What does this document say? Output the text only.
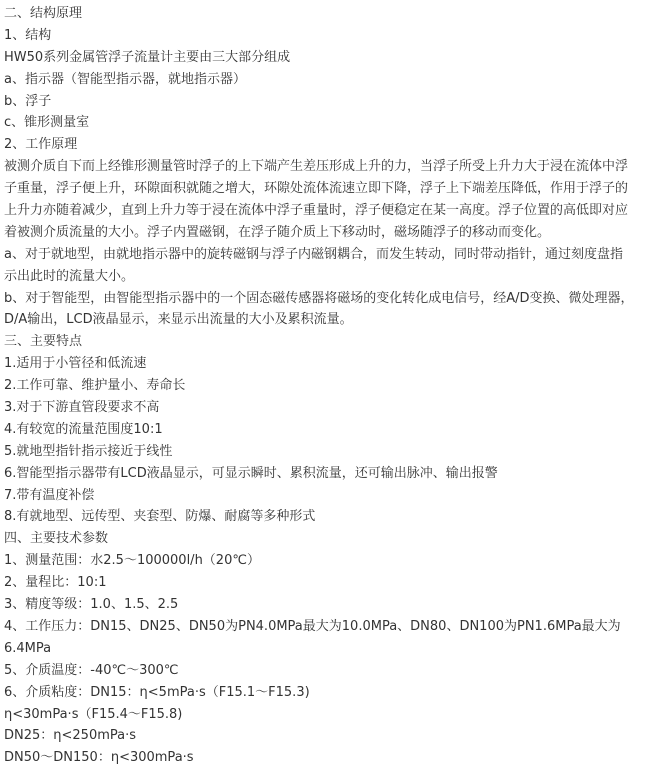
二、结构原理
1、结构
HW50系列金属管浮子流量计主要由三大部分组成
a、指示器（智能型指示器，就地指示器）
b、浮子
c、锥形测量室
2、工作原理
被测介质自下而上经锥形测量管时浮子的上下端产生差压形成上升的力，当浮子所受上升力大于浸在流体中浮
子重量，浮子便上升，环隙面积就随之增大，环隙处流体流速立即下降，浮子上下端差压降低，作用于浮子的
上升力亦随着减少，直到上升力等于浸在流体中浮子重量时，浮子便稳定在某一高度。浮子位置的高低即对应
着被测介质流量的大小。浮子内置磁钢，在浮子随介质上下移动时，磁场随浮子的移动而变化。
a、对于就地型，由就地指示器中的旋转磁钢与浮子内磁钢耦合，而发生转动，同时带动指针，通过刻度盘指
示出此时的流量大小。
b、对于智能型，由智能型指示器中的一个固态磁传感器将磁场的变化转化成电信号，经A/D变换、微处理器，
D/A输出，LCD液晶显示，来显示出流量的大小及累积流量。
三、主要特点
1.适用于小管径和低流速
2.工作可靠、维护量小、寿命长
3.对于下游直管段要求不高
4.有较宽的流量范围度10:1
5.就地型指针指示接近于线性
6.智能型指示器带有LCD液晶显示，可显示瞬时、累积流量，还可输出脉冲、输出报警
7.带有温度补偿
8.有就地型、远传型、夹套型、防爆、耐腐等多种形式
四、主要技术参数
1、测量范围：水2.5～100000l/h（20℃）
2、量程比：10:1
3、精度等级：1.0、1.5、2.5
4、工作压力：DN15、DN25、DN50为PN4.0MPa最大为10.0MPa、DN80、DN100为PN1.6MPa最大为
6.4MPa
5、介质温度：-40℃～300℃
6、介质粘度：DN15：η<5mPa·s（F15.1～F15.3)
η<30mPa·s（F15.4～F15.8)
DN25：η<250mPa·s
DN50～DN150：η<300mPa·s
